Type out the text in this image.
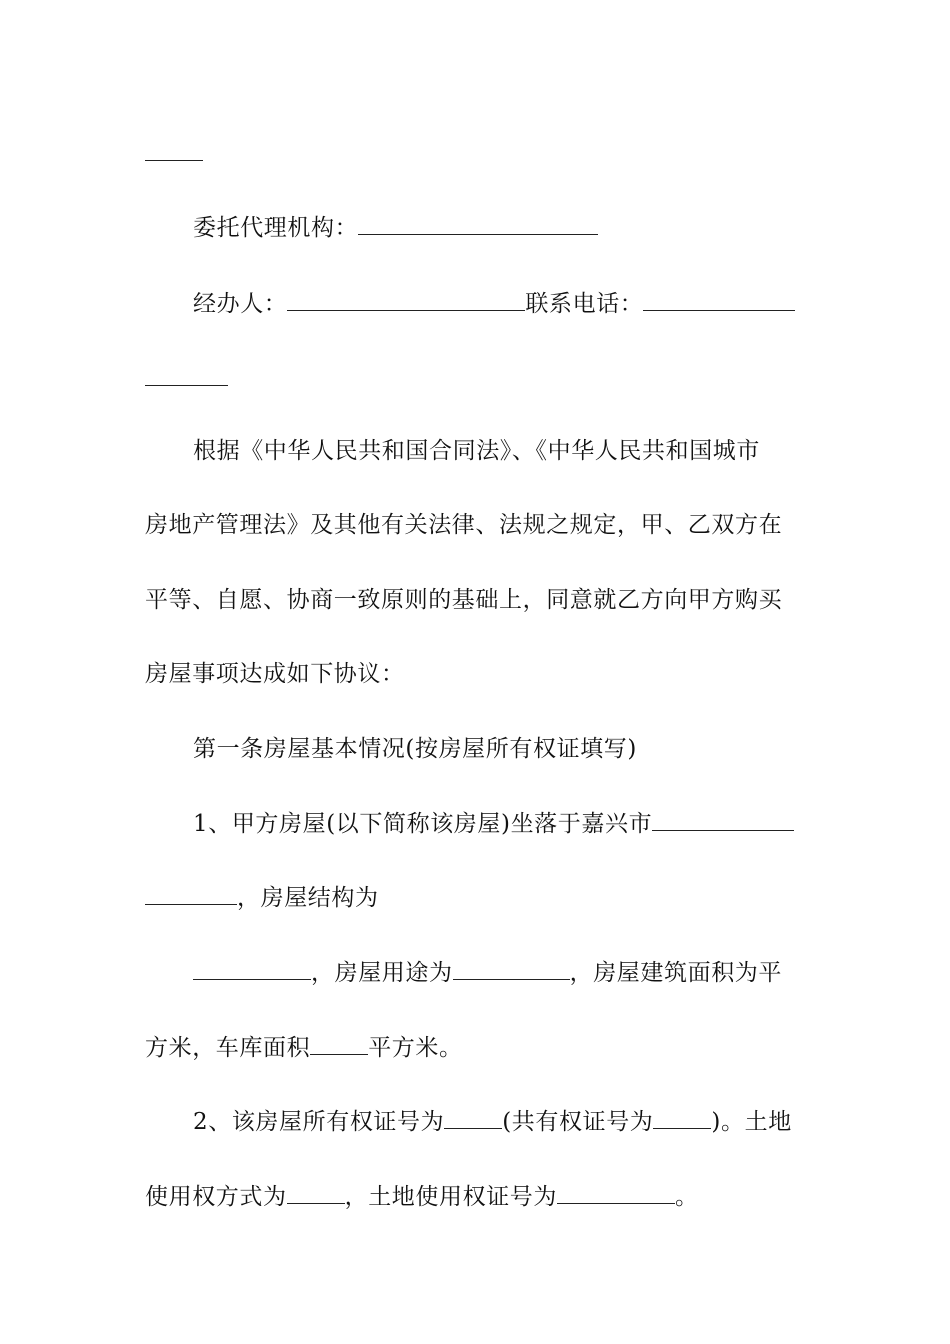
委托代理机构：
经办人：	联系电话：
根据《中华人民共和国合同法》、《中华人民共和国城市
房地产管理法》及其他有关法律、法规之规定，甲、乙双方在
平等、自愿、协商一致原则的基础上，同意就乙方向甲方购买
房屋事项达成如下协议：
第一条房屋基本情况(按房屋所有权证填写)
1、甲方房屋(以下简称该房屋)坐落于嘉兴市
，房屋结构为
，房屋用途为	，房屋建筑面积为平
方米，车库面积	平方米。
2、该房屋所有权证号为	(共有权证号为	)。土地
使用权方式为	，土地使用权证号为	。
